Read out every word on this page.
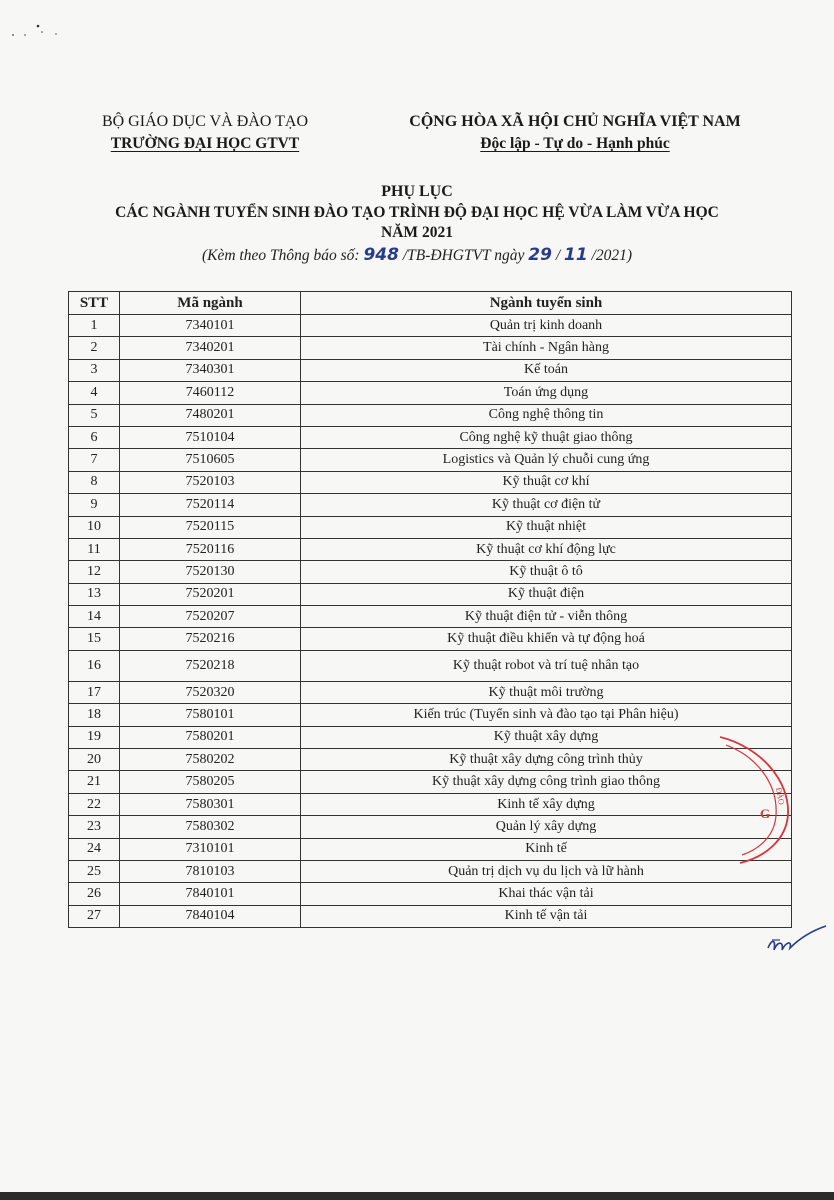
BỘ GIÁO DỤC VÀ ĐÀO TẠO
TRƯỜNG ĐẠI HỌC GTVT
CỘNG HÒA XÃ HỘI CHỦ NGHĨA VIỆT NAM
Độc lập - Tự do - Hạnh phúc
PHỤ LỤC
CÁC NGÀNH TUYỂN SINH ĐÀO TẠO TRÌNH ĐỘ ĐẠI HỌC HỆ VỪA LÀM VỪA HỌC
NĂM 2021
(Kèm theo Thông báo số: 948 /TB-ĐHGTVT ngày 29 / 11 /2021)
STT	Mã ngành	Ngành tuyển sinh
1	7340101	Quản trị kinh doanh
2	7340201	Tài chính - Ngân hàng
3	7340301	Kế toán
4	7460112	Toán ứng dụng
5	7480201	Công nghệ thông tin
6	7510104	Công nghệ kỹ thuật giao thông
7	7510605	Logistics và Quản lý chuỗi cung ứng
8	7520103	Kỹ thuật cơ khí
9	7520114	Kỹ thuật cơ điện tử
10	7520115	Kỹ thuật nhiệt
11	7520116	Kỹ thuật cơ khí động lực
12	7520130	Kỹ thuật ô tô
13	7520201	Kỹ thuật điện
14	7520207	Kỹ thuật điện tử - viễn thông
15	7520216	Kỹ thuật điều khiển và tự động hoá
16	7520218	Kỹ thuật robot và trí tuệ nhân tạo
17	7520320	Kỹ thuật môi trường
18	7580101	Kiến trúc (Tuyển sinh và đào tạo tại Phân hiệu)
19	7580201	Kỹ thuật xây dựng
20	7580202	Kỹ thuật xây dựng công trình thủy
21	7580205	Kỹ thuật xây dựng công trình giao thông
22	7580301	Kinh tế xây dựng
23	7580302	Quản lý xây dựng
24	7310101	Kinh tế
25	7810103	Quản trị dịch vụ du lịch và lữ hành
26	7840101	Khai thác vận tải
27	7840104	Kinh tế vận tải
ĐÀO
G
